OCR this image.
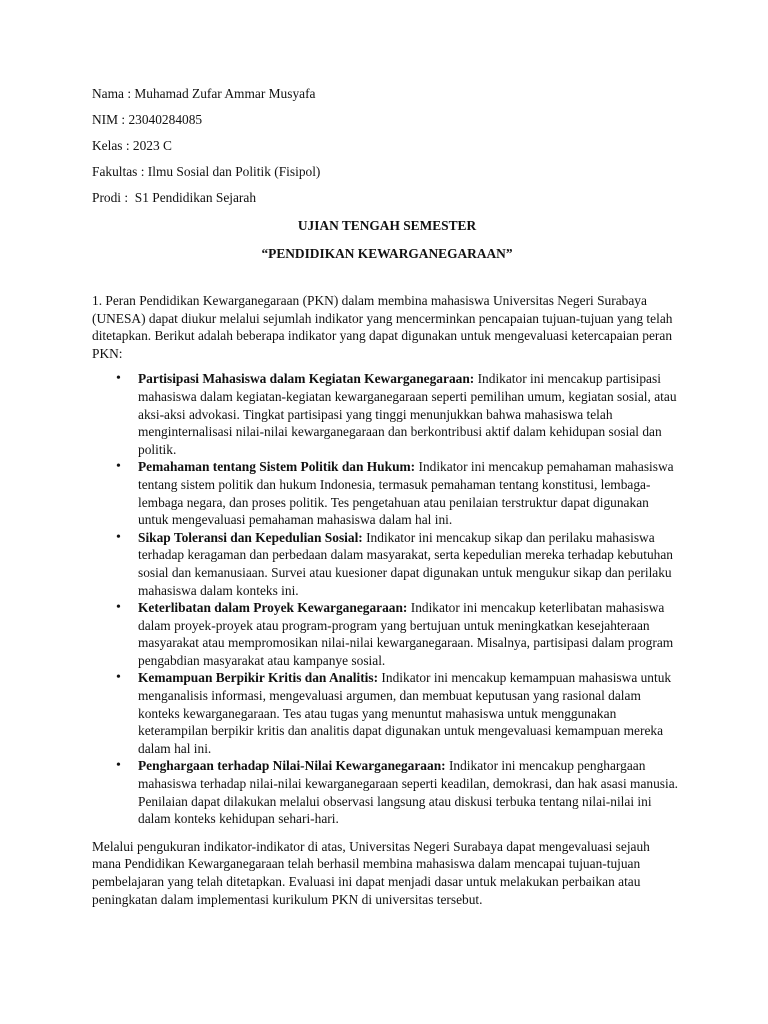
Nama : Muhamad Zufar Ammar Musyafa

NIM : 23040284085

Kelas : 2023 C

Fakultas : Ilmu Sosial dan Politik (Fisipol)

Prodi :  S1 Pendidikan Sejarah

UJIAN TENGAH SEMESTER

“PENDIDIKAN KEWARGANEGARAAN”

1. Peran Pendidikan Kewarganegaraan (PKN) dalam membina mahasiswa Universitas Negeri Surabaya (UNESA) dapat diukur melalui sejumlah indikator yang mencerminkan pencapaian tujuan-tujuan yang telah ditetapkan. Berikut adalah beberapa indikator yang dapat digunakan untuk mengevaluasi ketercapaian peran PKN:

• Partisipasi Mahasiswa dalam Kegiatan Kewarganegaraan: Indikator ini mencakup partisipasi mahasiswa dalam kegiatan-kegiatan kewarganegaraan seperti pemilihan umum, kegiatan sosial, atau aksi-aksi advokasi. Tingkat partisipasi yang tinggi menunjukkan bahwa mahasiswa telah menginternalisasi nilai-nilai kewarganegaraan dan berkontribusi aktif dalam kehidupan sosial dan politik.
• Pemahaman tentang Sistem Politik dan Hukum: Indikator ini mencakup pemahaman mahasiswa tentang sistem politik dan hukum Indonesia, termasuk pemahaman tentang konstitusi, lembaga-lembaga negara, dan proses politik. Tes pengetahuan atau penilaian terstruktur dapat digunakan untuk mengevaluasi pemahaman mahasiswa dalam hal ini.
• Sikap Toleransi dan Kepedulian Sosial: Indikator ini mencakup sikap dan perilaku mahasiswa terhadap keragaman dan perbedaan dalam masyarakat, serta kepedulian mereka terhadap kebutuhan sosial dan kemanusiaan. Survei atau kuesioner dapat digunakan untuk mengukur sikap dan perilaku mahasiswa dalam konteks ini.
• Keterlibatan dalam Proyek Kewarganegaraan: Indikator ini mencakup keterlibatan mahasiswa dalam proyek-proyek atau program-program yang bertujuan untuk meningkatkan kesejahteraan masyarakat atau mempromosikan nilai-nilai kewarganegaraan. Misalnya, partisipasi dalam program pengabdian masyarakat atau kampanye sosial.
• Kemampuan Berpikir Kritis dan Analitis: Indikator ini mencakup kemampuan mahasiswa untuk menganalisis informasi, mengevaluasi argumen, dan membuat keputusan yang rasional dalam konteks kewarganegaraan. Tes atau tugas yang menuntut mahasiswa untuk menggunakan keterampilan berpikir kritis dan analitis dapat digunakan untuk mengevaluasi kemampuan mereka dalam hal ini.
• Penghargaan terhadap Nilai-Nilai Kewarganegaraan: Indikator ini mencakup penghargaan mahasiswa terhadap nilai-nilai kewarganegaraan seperti keadilan, demokrasi, dan hak asasi manusia. Penilaian dapat dilakukan melalui observasi langsung atau diskusi terbuka tentang nilai-nilai ini dalam konteks kehidupan sehari-hari.

Melalui pengukuran indikator-indikator di atas, Universitas Negeri Surabaya dapat mengevaluasi sejauh mana Pendidikan Kewarganegaraan telah berhasil membina mahasiswa dalam mencapai tujuan-tujuan pembelajaran yang telah ditetapkan. Evaluasi ini dapat menjadi dasar untuk melakukan perbaikan atau peningkatan dalam implementasi kurikulum PKN di universitas tersebut.
